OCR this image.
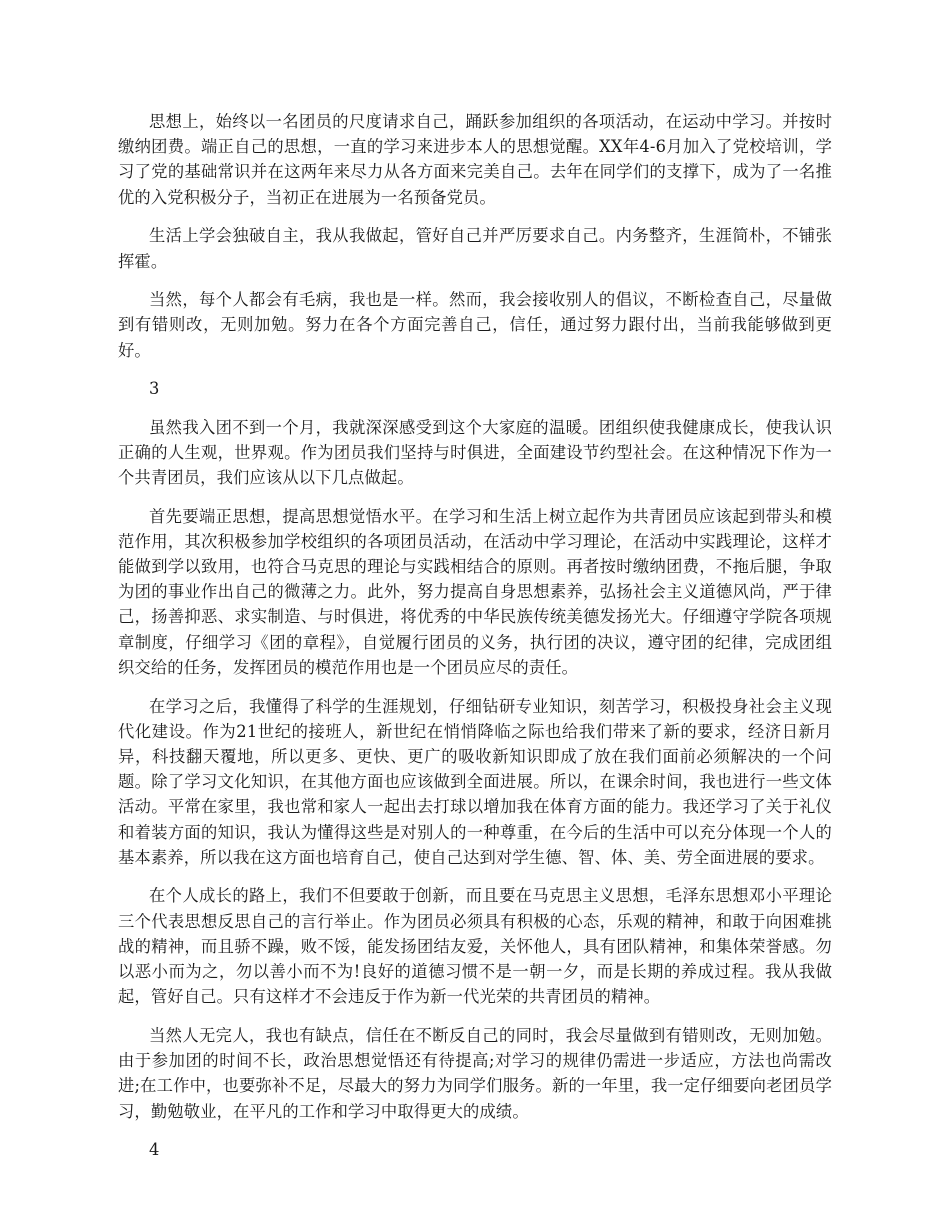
思想上，始终以一名团员的尺度请求自己，踊跃参加组织的各项活动，在运动中学习。并按时缴纳团费。端正自己的思想，一直的学习来进步本人的思想觉醒。XX年4-6月加入了党校培训，学习了党的基础常识并在这两年来尽力从各方面来完美自己。去年在同学们的支撑下，成为了一名推优的入党积极分子，当初正在进展为一名预备党员。

生活上学会独破自主，我从我做起，管好自己并严厉要求自己。内务整齐，生涯简朴，不铺张挥霍。

当然，每个人都会有毛病，我也是一样。然而，我会接收别人的倡议，不断检查自己，尽量做到有错则改，无则加勉。努力在各个方面完善自己，信任，通过努力跟付出，当前我能够做到更好。

3

虽然我入团不到一个月，我就深深感受到这个大家庭的温暖。团组织使我健康成长，使我认识正确的人生观，世界观。作为团员我们坚持与时俱进，全面建设节约型社会。在这种情况下作为一个共青团员，我们应该从以下几点做起。

首先要端正思想，提高思想觉悟水平。在学习和生活上树立起作为共青团员应该起到带头和模范作用，其次积极参加学校组织的各项团员活动，在活动中学习理论，在活动中实践理论，这样才能做到学以致用，也符合马克思的理论与实践相结合的原则。再者按时缴纳团费，不拖后腿，争取为团的事业作出自己的微薄之力。此外，努力提高自身思想素养，弘扬社会主义道德风尚，严于律己，扬善抑恶、求实制造、与时俱进，将优秀的中华民族传统美德发扬光大。仔细遵守学院各项规章制度，仔细学习《团的章程》，自觉履行团员的义务，执行团的决议，遵守团的纪律，完成团组织交给的任务，发挥团员的模范作用也是一个团员应尽的责任。

在学习之后，我懂得了科学的生涯规划，仔细钻研专业知识，刻苦学习，积极投身社会主义现代化建设。作为21世纪的接班人，新世纪在悄悄降临之际也给我们带来了新的要求，经济日新月异，科技翻天覆地，所以更多、更快、更广的吸收新知识即成了放在我们面前必须解决的一个问题。除了学习文化知识，在其他方面也应该做到全面进展。所以，在课余时间，我也进行一些文体活动。平常在家里，我也常和家人一起出去打球以增加我在体育方面的能力。我还学习了关于礼仪和着装方面的知识，我认为懂得这些是对别人的一种尊重，在今后的生活中可以充分体现一个人的基本素养，所以我在这方面也培育自己，使自己达到对学生德、智、体、美、劳全面进展的要求。

在个人成长的路上，我们不但要敢于创新，而且要在马克思主义思想，毛泽东思想邓小平理论三个代表思想反思自己的言行举止。作为团员必须具有积极的心态，乐观的精神，和敢于向困难挑战的精神，而且骄不躁，败不馁，能发扬团结友爱，关怀他人，具有团队精神，和集体荣誉感。勿以恶小而为之，勿以善小而不为!良好的道德习惯不是一朝一夕，而是长期的养成过程。我从我做起，管好自己。只有这样才不会违反于作为新一代光荣的共青团员的精神。

当然人无完人，我也有缺点，信任在不断反自己的同时，我会尽量做到有错则改，无则加勉。由于参加团的时间不长，政治思想觉悟还有待提高;对学习的规律仍需进一步适应，方法也尚需改进;在工作中，也要弥补不足，尽最大的努力为同学们服务。新的一年里，我一定仔细要向老团员学习，勤勉敬业，在平凡的工作和学习中取得更大的成绩。

4
